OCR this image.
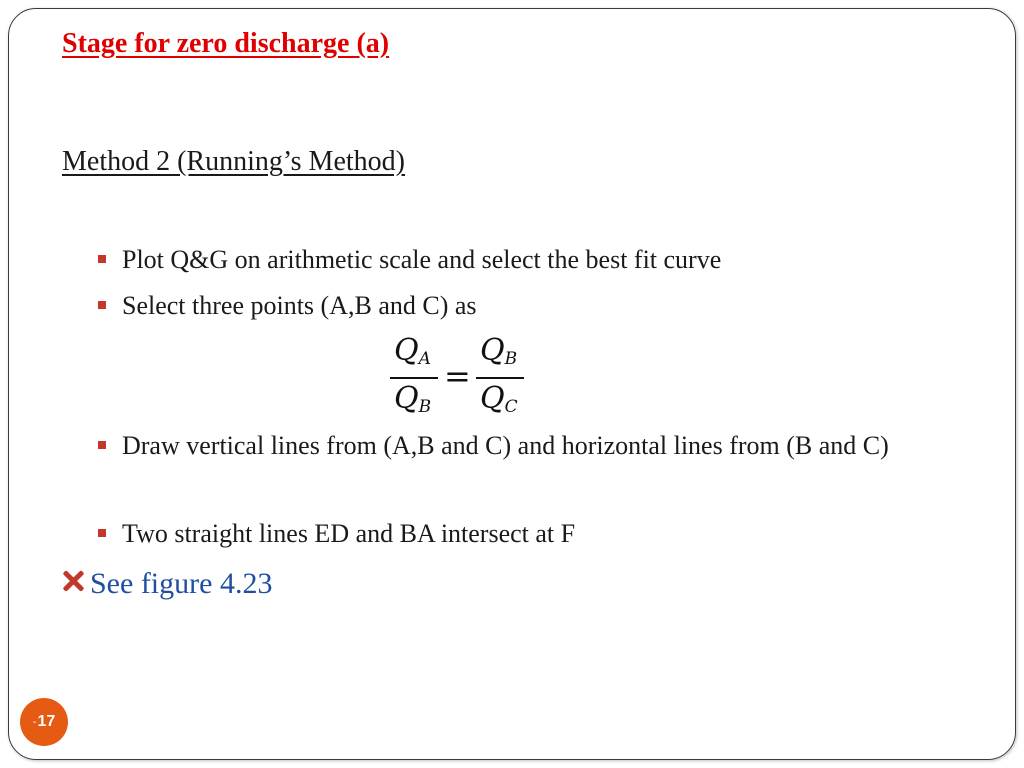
Stage for zero discharge (a)
Method 2 (Running’s Method)
Plot Q&G on arithmetic scale and select the best fit curve
Select three points (A,B and C) as
Draw vertical lines from (A,B and C) and horizontal lines from (B and C)
Two straight lines ED and BA intersect at F
$Q_A$
$Q_B$
=
$Q_B$
$Q_C$
See figure 4.23
- 17
